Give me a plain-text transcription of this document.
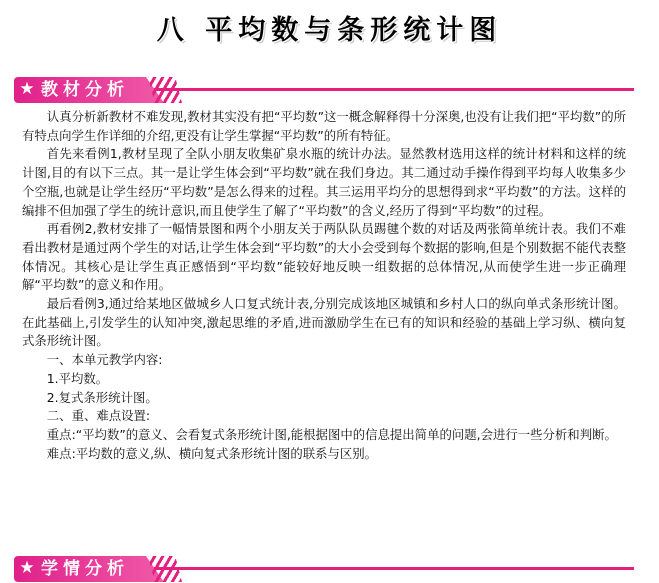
八 平均数与条形统计图
★ 教材分析

认真分析新教材不难发现,教材其实没有把“平均数”这一概念解释得十分深奥,也没有让我们把“平均数”的所有特点向学生作详细的介绍,更没有让学生掌握“平均数”的所有特征。

首先来看例1,教材呈现了全队小朋友收集矿泉水瓶的统计办法。显然教材选用这样的统计材料和这样的统计图,目的有以下三点。其一是让学生体会到“平均数”就在我们身边。其二通过动手操作得到平均每人收集多少个空瓶,也就是让学生经历“平均数”是怎么得来的过程。其三运用平均分的思想得到求“平均数”的方法。这样的编排不但加强了学生的统计意识,而且使学生了解了“平均数”的含义,经历了得到“平均数”的过程。

再看例2,教材安排了一幅情景图和两个小朋友关于两队队员踢毽个数的对话及两张简单统计表。我们不难看出教材是通过两个学生的对话,让学生体会到“平均数”的大小会受到每个数据的影响,但是个别数据不能代表整体情况。其核心是让学生真正感悟到“平均数”能较好地反映一组数据的总体情况,从而使学生进一步正确理解“平均数”的意义和作用。

最后看例3,通过给某地区做城乡人口复式统计表,分别完成该地区城镇和乡村人口的纵向单式条形统计图。在此基础上,引发学生的认知冲突,激起思维的矛盾,进而激励学生在已有的知识和经验的基础上学习纵、横向复式条形统计图。

一、本单元教学内容:

1.平均数。

2.复式条形统计图。

二、重、难点设置:

重点:“平均数”的意义、会看复式条形统计图,能根据图中的信息提出简单的问题,会进行一些分析和判断。

难点:平均数的意义,纵、横向复式条形统计图的联系与区别。

★ 学情分析
